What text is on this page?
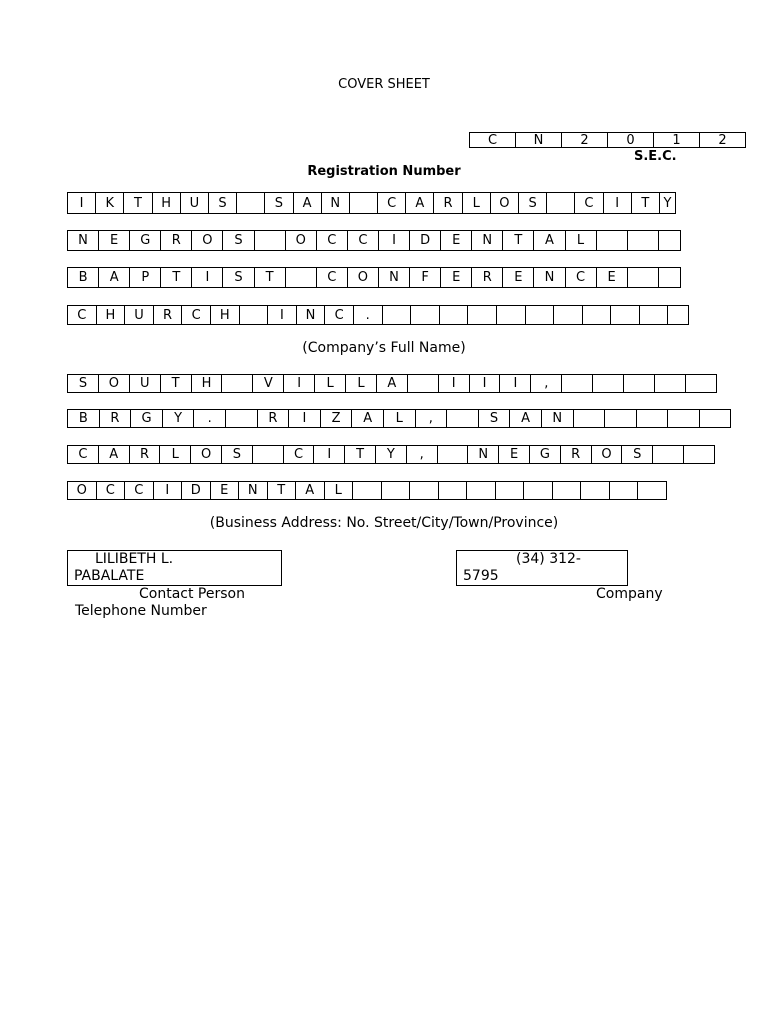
COVER SHEET
C	N	2	0	1	2
S.E.C.
Registration Number
I	K	T	H	U	S	S	A	N	C	A	R	L	O	S	C	I	T	Y
N	E	G	R	O	S	O	C	C	I	D	E	N	T	A	L
B	A	P	T	I	S	T	C	O	N	F	E	R	E	N	C	E
C	H	U	R	C	H	I	N	C	.
(Company’s Full Name)
S	O	U	T	H	V	I	L	L	A	I	I	I	,
B	R	G	Y	.	R	I	Z	A	L	,	S	A	N
C	A	R	L	O	S	C	I	T	Y	,	N	E	G	R	O	S
O	C	C	I	D	E	N	T	A	L
(Business Address: No. Street/City/Town/Province)
LILIBETH L.
PABALATE
(34) 312-
5795
Contact Person	Company
Telephone Number
